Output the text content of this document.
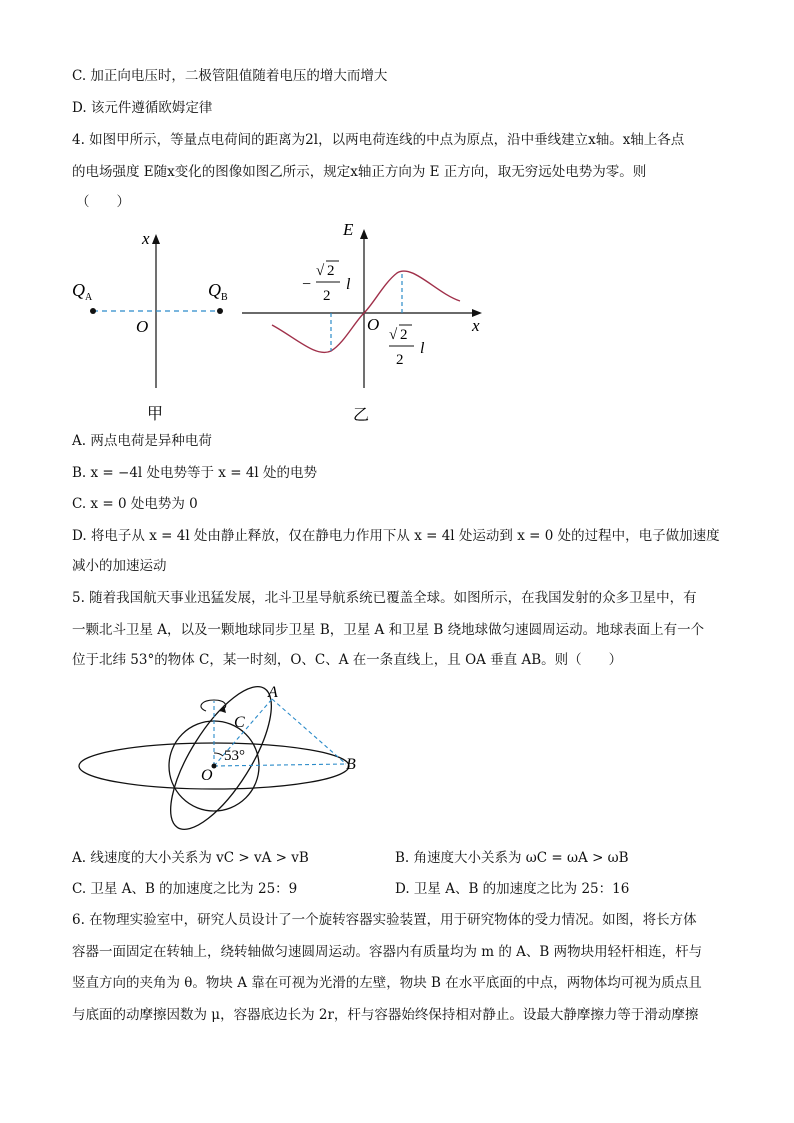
C. 加正向电压时，二极管阻值随着电压的增大而增大
D. 该元件遵循欧姆定律
4. 如图甲所示，等量点电荷间的距离为2l，以两电荷连线的中点为原点，沿中垂线建立x轴。x轴上各点
的电场强度 E随x变化的图像如图乙所示，规定x轴正方向为 E 正方向，取无穷远处电势为零。则
（　　）
x
$Q_A$	$Q_B$
O
甲
x
E
O
−
√ 2
2
l
√ 2
2
l
乙
A. 两点电荷是异种电荷
B. x = −4l 处电势等于 x = 4l 处的电势
C. x = 0 处电势为 0
D. 将电子从 x = 4l 处由静止释放，仅在静电力作用下从 x = 4l 处运动到 x = 0 处的过程中，电子做加速度
减小的加速运动
5. 随着我国航天事业迅猛发展，北斗卫星导航系统已覆盖全球。如图所示，在我国发射的众多卫星中，有
一颗北斗卫星 A，以及一颗地球同步卫星 B，卫星 A 和卫星 B 绕地球做匀速圆周运动。地球表面上有一个
位于北纬 53°的物体 C，某一时刻，O、C、A 在一条直线上，且 OA 垂直 AB。则（　　）
53°
O
C
A
B
A. 线速度的大小关系为 vC > vA > vB	B. 角速度大小关系为 ωC = ωA > ωB
C. 卫星 A、B 的加速度之比为 25：9	D. 卫星 A、B 的加速度之比为 25：16
6. 在物理实验室中，研究人员设计了一个旋转容器实验装置，用于研究物体的受力情况。如图，将长方体
容器一面固定在转轴上，绕转轴做匀速圆周运动。容器内有质量均为 m 的 A、B 两物块用轻杆相连，杆与
竖直方向的夹角为 θ。物块 A 靠在可视为光滑的左壁，物块 B 在水平底面的中点，两物体均可视为质点且
与底面的动摩擦因数为 μ，容器底边长为 2r，杆与容器始终保持相对静止。设最大静摩擦力等于滑动摩擦
